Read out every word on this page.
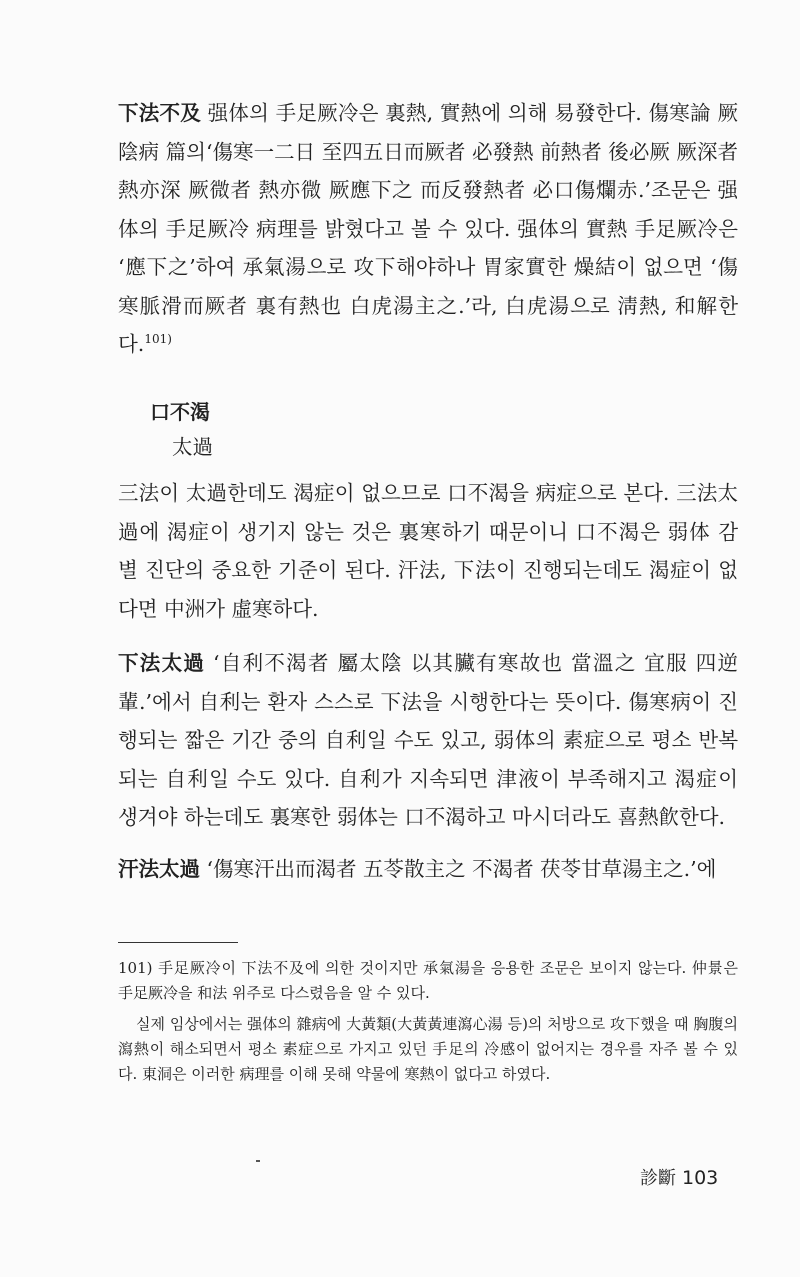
下法不及 强体의 手足厥冷은 裏熱, 實熱에 의해 易發한다. 傷寒論 厥陰病 篇의‘傷寒一二日 至四五日而厥者 必發熱 前熱者 後必厥 厥深者 熱亦深 厥微者 熱亦微 厥應下之 而反發熱者 必口傷爛赤.’조문은 强体의 手足厥冷 病理를 밝혔다고 볼 수 있다. 强体의 實熱 手足厥冷은 ‘應下之’하여 承氣湯으로 攻下해야하나 胃家實한 燥結이 없으면 ‘傷寒脈滑而厥者 裏有熱也 白虎湯主之.’라, 白虎湯으로 淸熱, 和解한다.$^{101)}$

口不渴
太過

三法이 太過한데도 渴症이 없으므로 口不渴을 病症으로 본다. 三法太過에 渴症이 생기지 않는 것은 裏寒하기 때문이니 口不渴은 弱体 감별 진단의 중요한 기준이 된다. 汗法, 下法이 진행되는데도 渴症이 없다면 中洲가 虛寒하다.

下法太過 ‘自利不渴者 屬太陰 以其臟有寒故也 當溫之 宜服 四逆輩.’에서 自利는 환자 스스로 下法을 시행한다는 뜻이다. 傷寒病이 진행되는 짧은 기간 중의 自利일 수도 있고, 弱体의 素症으로 평소 반복되는 自利일 수도 있다. 自利가 지속되면 津液이 부족해지고 渴症이 생겨야 하는데도 裏寒한 弱体는 口不渴하고 마시더라도 喜熱飮한다.

汗法太過 ‘傷寒汗出而渴者 五苓散主之 不渴者 茯苓甘草湯主之.’에

101) 手足厥冷이 下法不及에 의한 것이지만 承氣湯을 응용한 조문은 보이지 않는다. 仲景은 手足厥冷을 和法 위주로 다스렸음을 알 수 있다.

실제 임상에서는 强体의 雜病에 大黃類(大黃黃連瀉心湯 등)의 처방으로 攻下했을 때 胸腹의 瀉熱이 해소되면서 평소 素症으로 가지고 있던 手足의 冷感이 없어지는 경우를 자주 볼 수 있다. 東洞은 이러한 病理를 이해 못해 약물에 寒熱이 없다고 하였다.

診斷 103
